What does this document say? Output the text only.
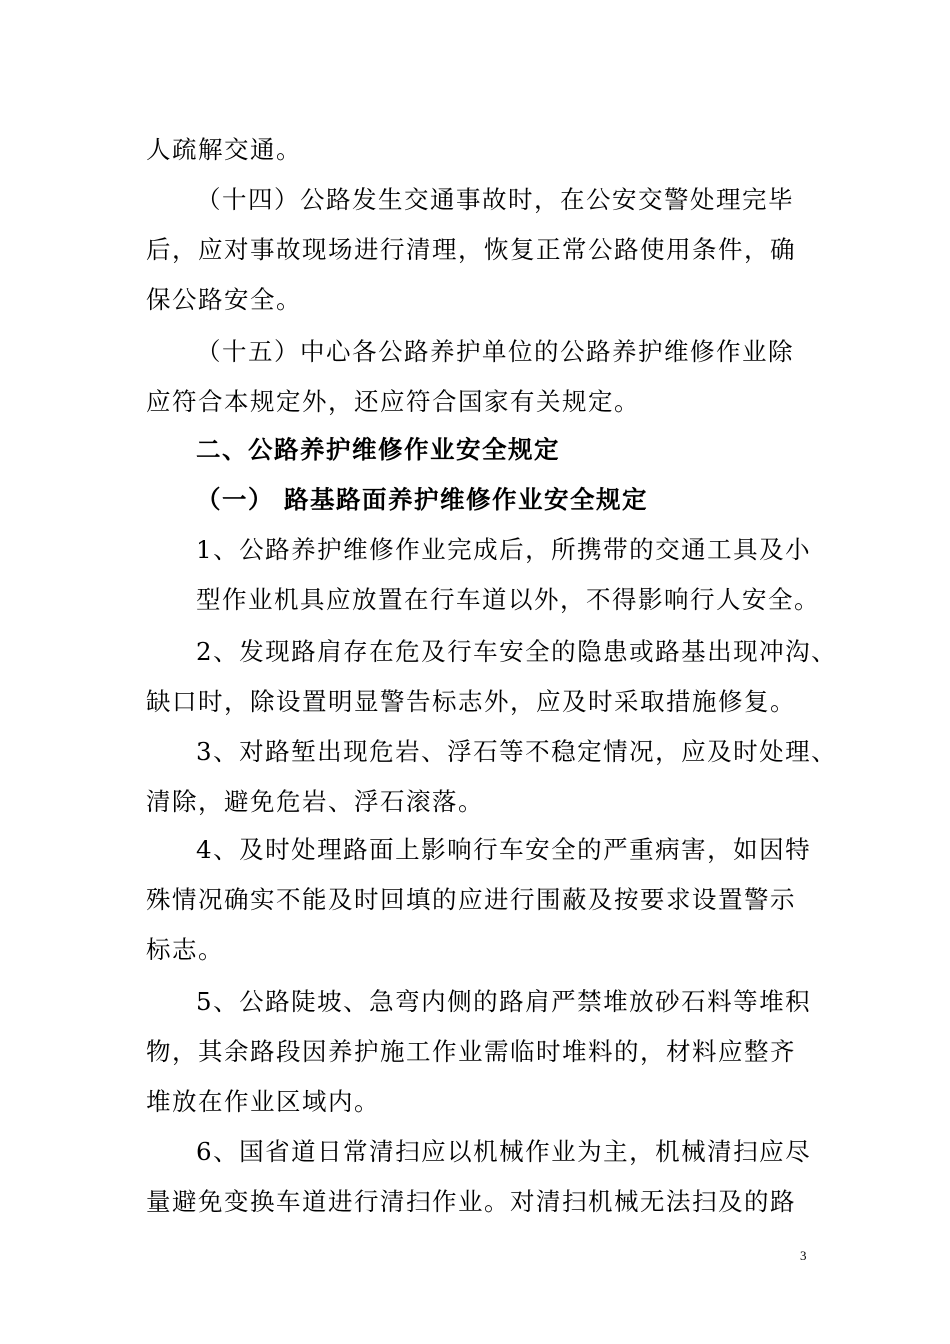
人疏解交通。
（十四）公路发生交通事故时，在公安交警处理完毕
后，应对事故现场进行清理，恢复正常公路使用条件，确
保公路安全。
（十五）中心各公路养护单位的公路养护维修作业除
应符合本规定外，还应符合国家有关规定。
二、公路养护维修作业安全规定
（一） 路基路面养护维修作业安全规定
1、公路养护维修作业完成后，所携带的交通工具及小
型作业机具应放置在行车道以外，不得影响行人安全。
2、发现路肩存在危及行车安全的隐患或路基出现冲沟、
缺口时，除设置明显警告标志外，应及时采取措施修复。
3、对路堑出现危岩、浮石等不稳定情况，应及时处理、
清除，避免危岩、浮石滚落。
4、及时处理路面上影响行车安全的严重病害，如因特
殊情况确实不能及时回填的应进行围蔽及按要求设置警示
标志。
5、公路陡坡、急弯内侧的路肩严禁堆放砂石料等堆积
物，其余路段因养护施工作业需临时堆料的，材料应整齐
堆放在作业区域内。
6、国省道日常清扫应以机械作业为主，机械清扫应尽
量避免变换车道进行清扫作业。对清扫机械无法扫及的路
3
